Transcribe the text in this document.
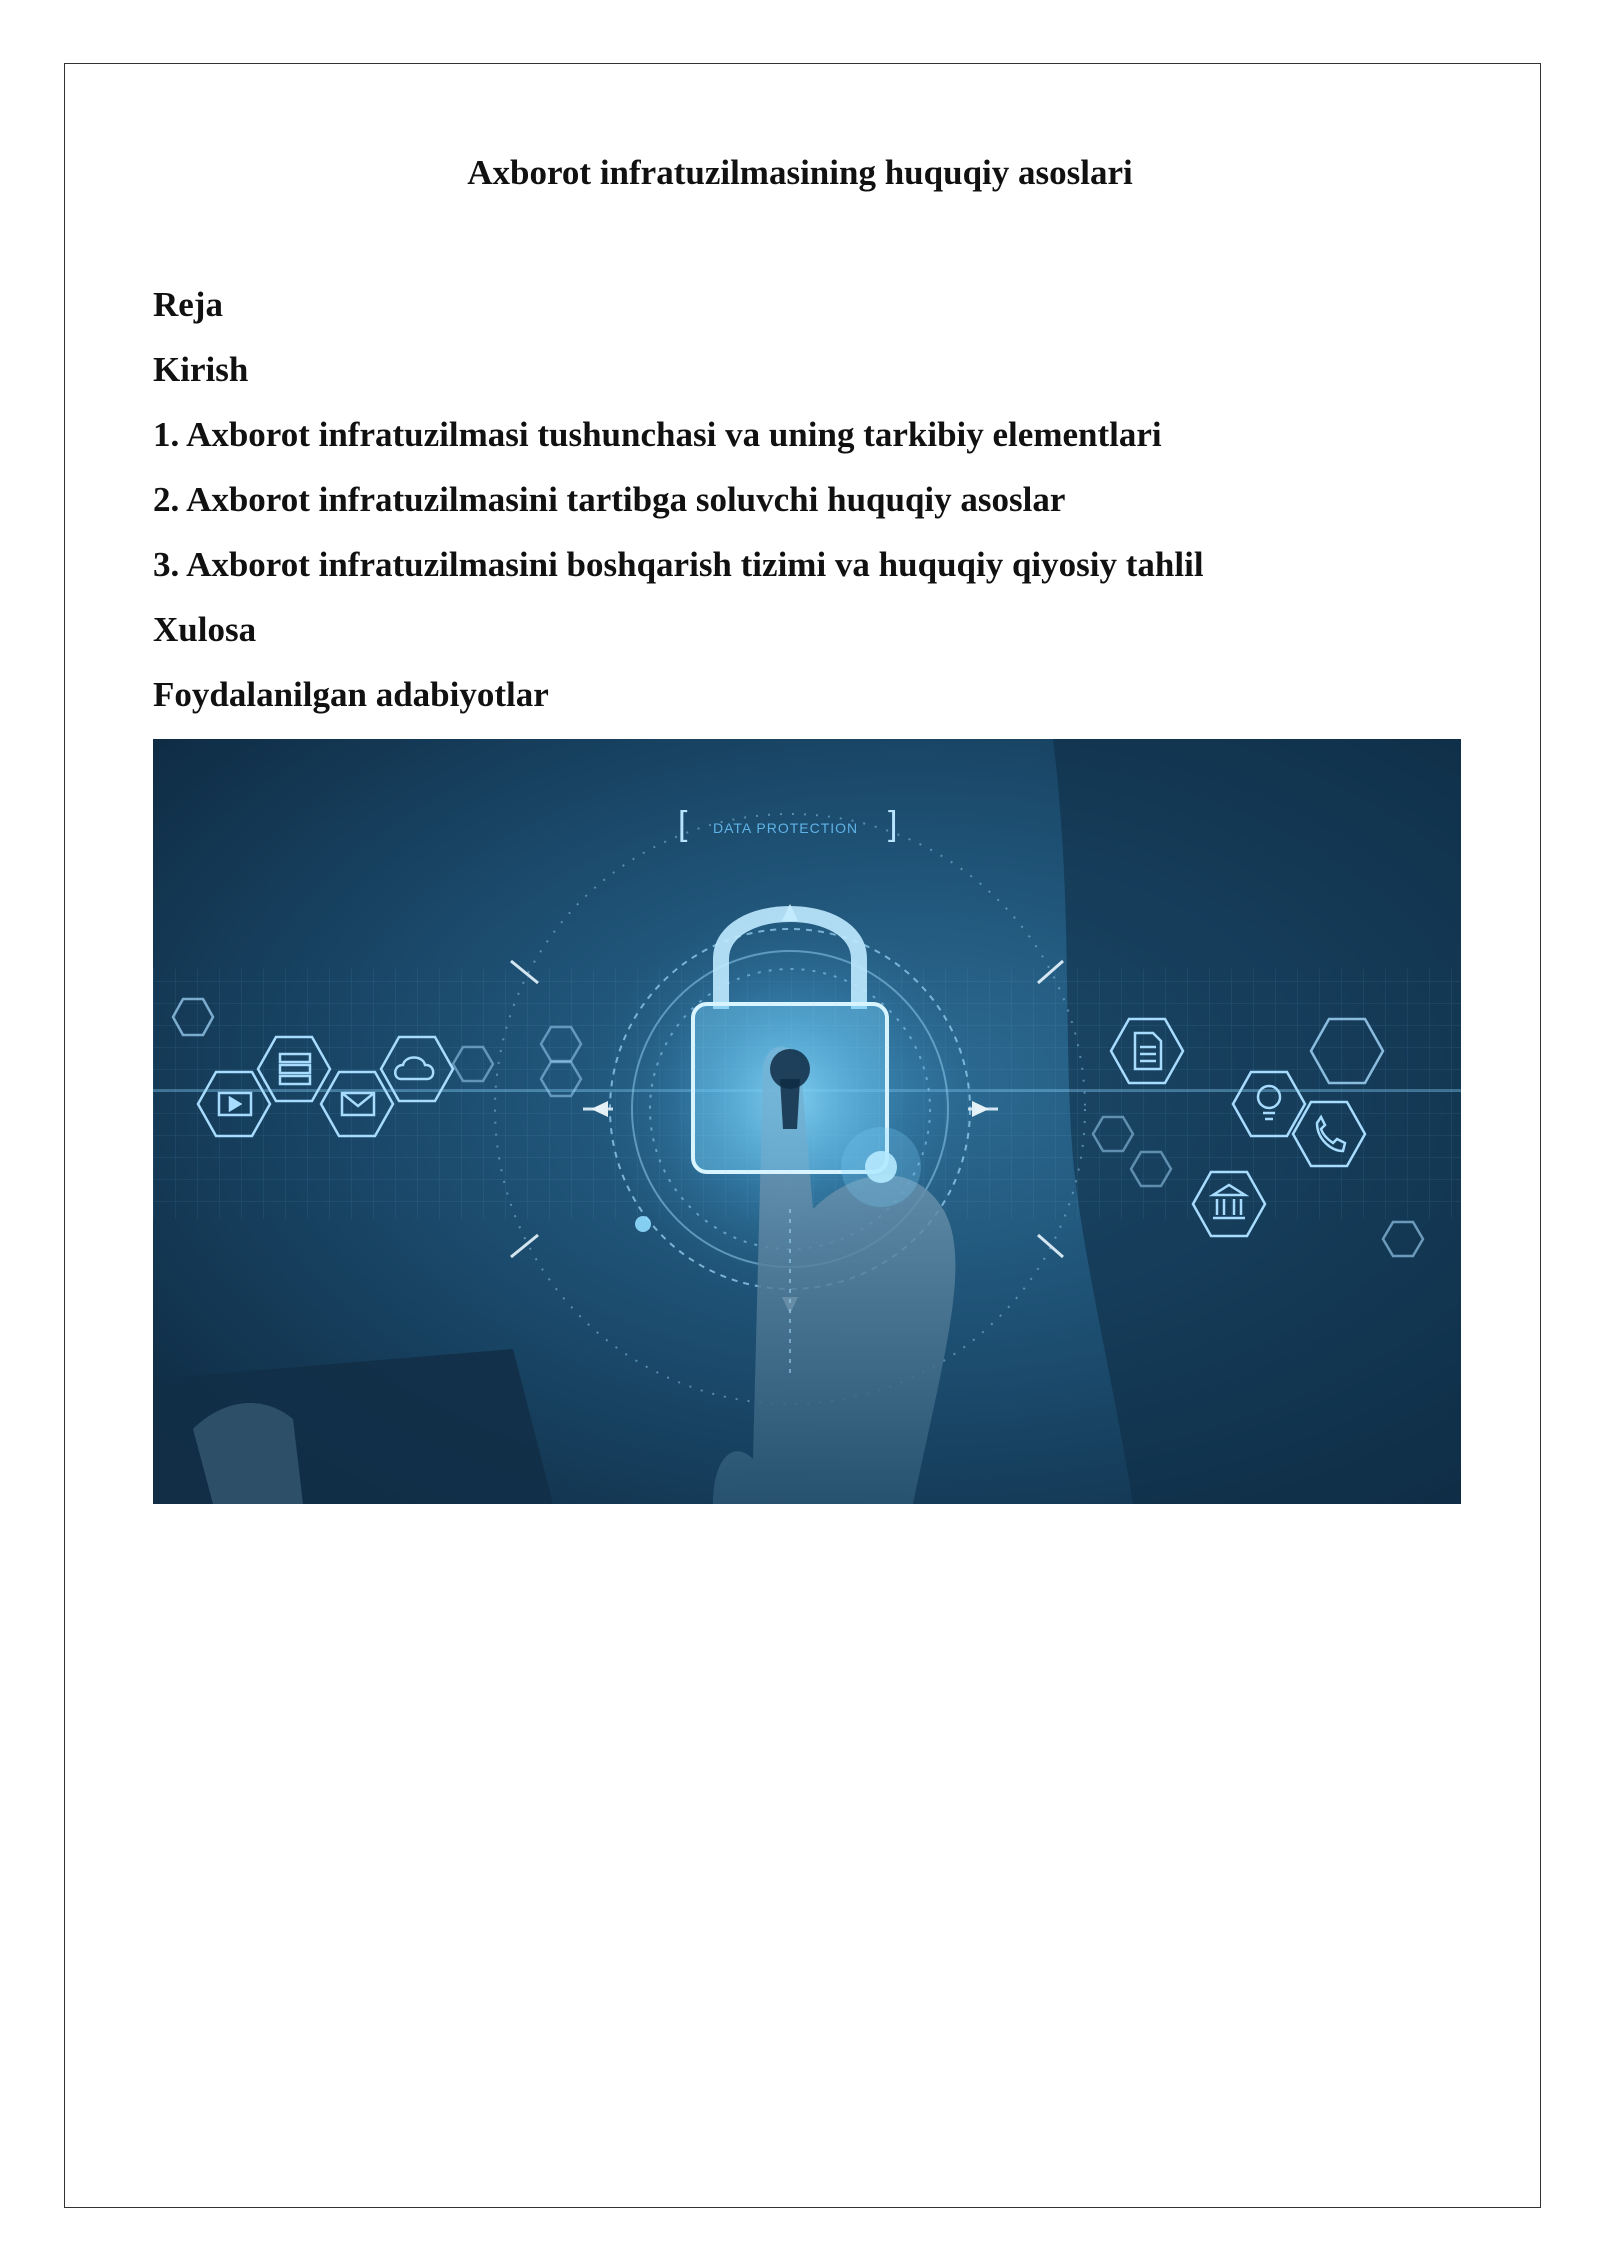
Axborot infratuzilmasining huquqiy asoslari
Reja
Kirish
1. Axborot infratuzilmasi tushunchasi va uning tarkibiy elementlari
2. Axborot infratuzilmasini tartibga soluvchi huquqiy asoslar
3. Axborot infratuzilmasini boshqarish tizimi va huquqiy qiyosiy tahlil
Xulosa
Foydalanilgan adabiyotlar
[	]
DATA PROTECTION
